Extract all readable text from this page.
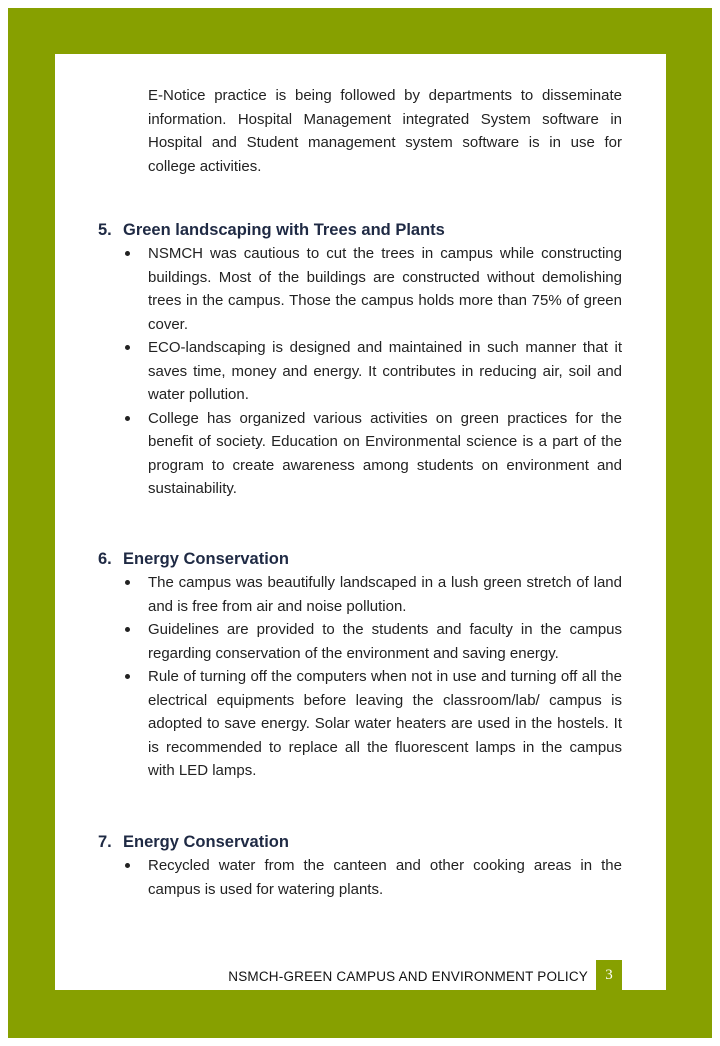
E-Notice practice is being followed by departments to disseminate information. Hospital Management integrated System software in Hospital and Student management system software is in use for college activities.

5. Green landscaping with Trees and Plants
NSMCH was cautious to cut the trees in campus while constructing buildings. Most of the buildings are constructed without demolishing trees in the campus. Those the campus holds more than 75% of green cover.
ECO-landscaping is designed and maintained in such manner that it saves time, money and energy. It contributes in reducing air, soil and water pollution.
College has organized various activities on green practices for the benefit of society. Education on Environmental science is a part of the program to create awareness among students on environment and sustainability.
6. Energy Conservation
The campus was beautifully landscaped in a lush green stretch of land and is free from air and noise pollution.
Guidelines are provided to the students and faculty in the campus regarding conservation of the environment and saving energy.
Rule of turning off the computers when not in use and turning off all the electrical equipments before leaving the classroom/lab/ campus is adopted to save energy. Solar water heaters are used in the hostels. It is recommended to replace all the fluorescent lamps in the campus with LED lamps.
7. Energy Conservation
Recycled water from the canteen and other cooking areas in the campus is used for watering plants.
NSMCH-GREEN CAMPUS AND ENVIRONMENT POLICY	3
